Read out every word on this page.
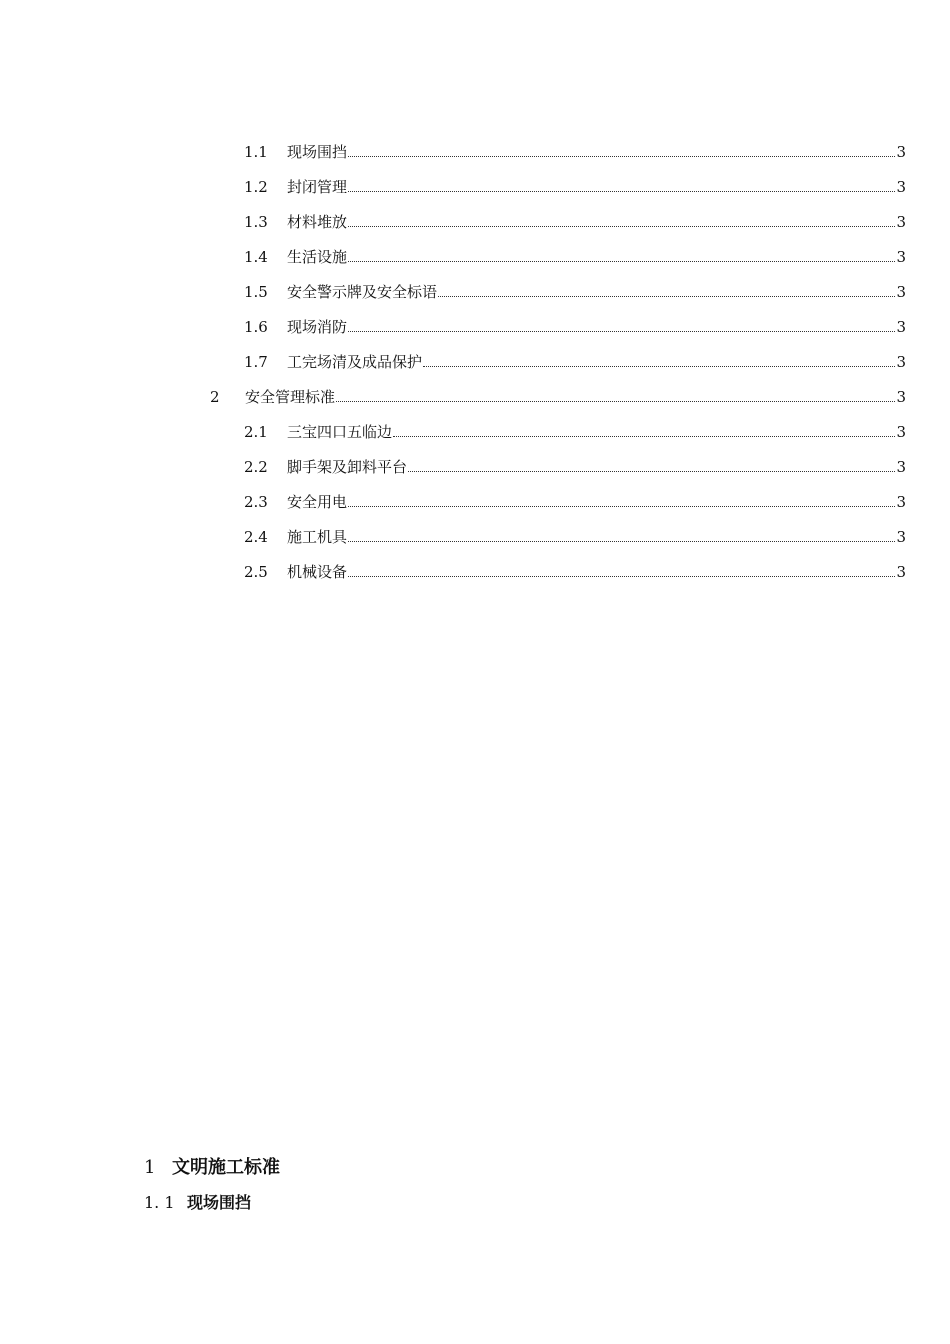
1.1	现场围挡	3
1.2	封闭管理	3
1.3	材料堆放	3
1.4	生活设施	3
1.5	安全警示牌及安全标语	3
1.6	现场消防	3
1.7	工完场清及成品保护	3
2	安全管理标准	3
2.1	三宝四口五临边	3
2.2	脚手架及卸料平台	3
2.3	安全用电	3
2.4	施工机具	3
2.5	机械设备	3
1 文明施工标准
1. 1 现场围挡
